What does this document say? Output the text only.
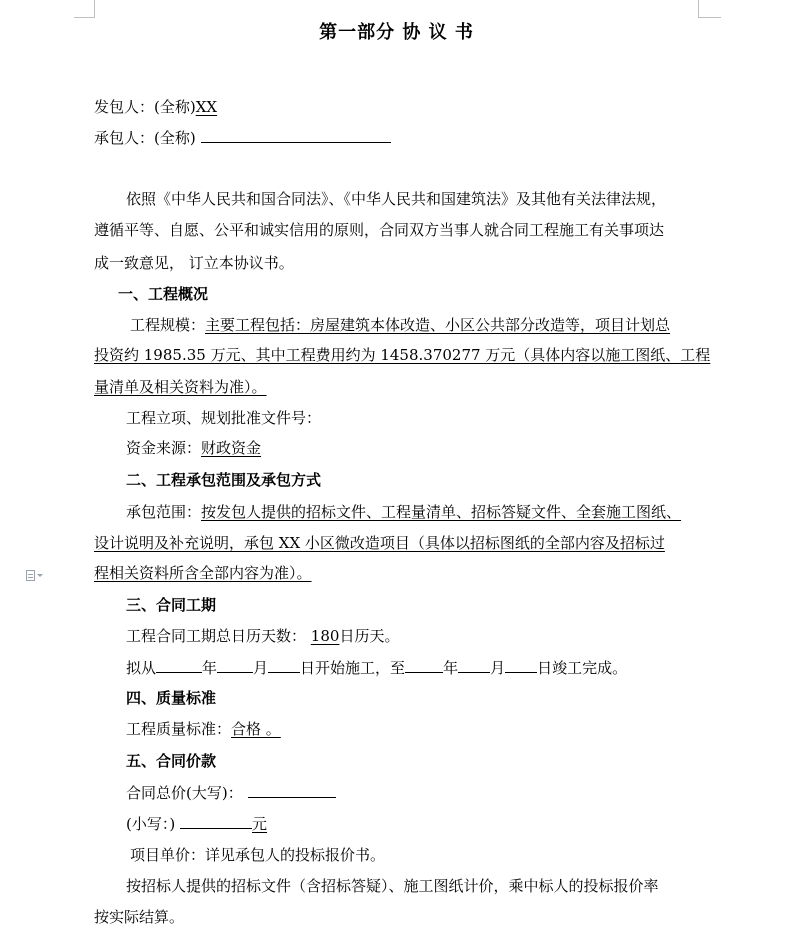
第一部分 协 议 书
发包人：(全称)XX
承包人：(全称)
依照《中华人民共和国合同法》、《中华人民共和国建筑法》及其他有关法律法规，
遵循平等、自愿、公平和诚实信用的原则，合同双方当事人就合同工程施工有关事项达
成一致意见， 订立本协议书。
一、工程概况
工程规模：主要工程包括：房屋建筑本体改造、小区公共部分改造等，项目计划总
投资约 1985.35 万元、其中工程费用约为 1458.370277 万元（具体内容以施工图纸、工程
量清单及相关资料为准）。
工程立项、规划批准文件号：
资金来源：财政资金
二、工程承包范围及承包方式
承包范围：按发包人提供的招标文件、工程量清单、招标答疑文件、全套施工图纸、
设计说明及补充说明，承包 XX 小区微改造项目（具体以招标图纸的全部内容及招标过
程相关资料所含全部内容为准）。
三、合同工期
工程合同工期总日历天数： 180日历天。
拟从	年 月 日开始施工，至	年 月 日竣工完成。
四、质量标准
工程质量标准：合格 。
五、合同价款
合同总价(大写)：
(小写：)	元
项目单价：详见承包人的投标报价书。
按招标人提供的招标文件（含招标答疑）、施工图纸计价，乘中标人的投标报价率
按实际结算。
